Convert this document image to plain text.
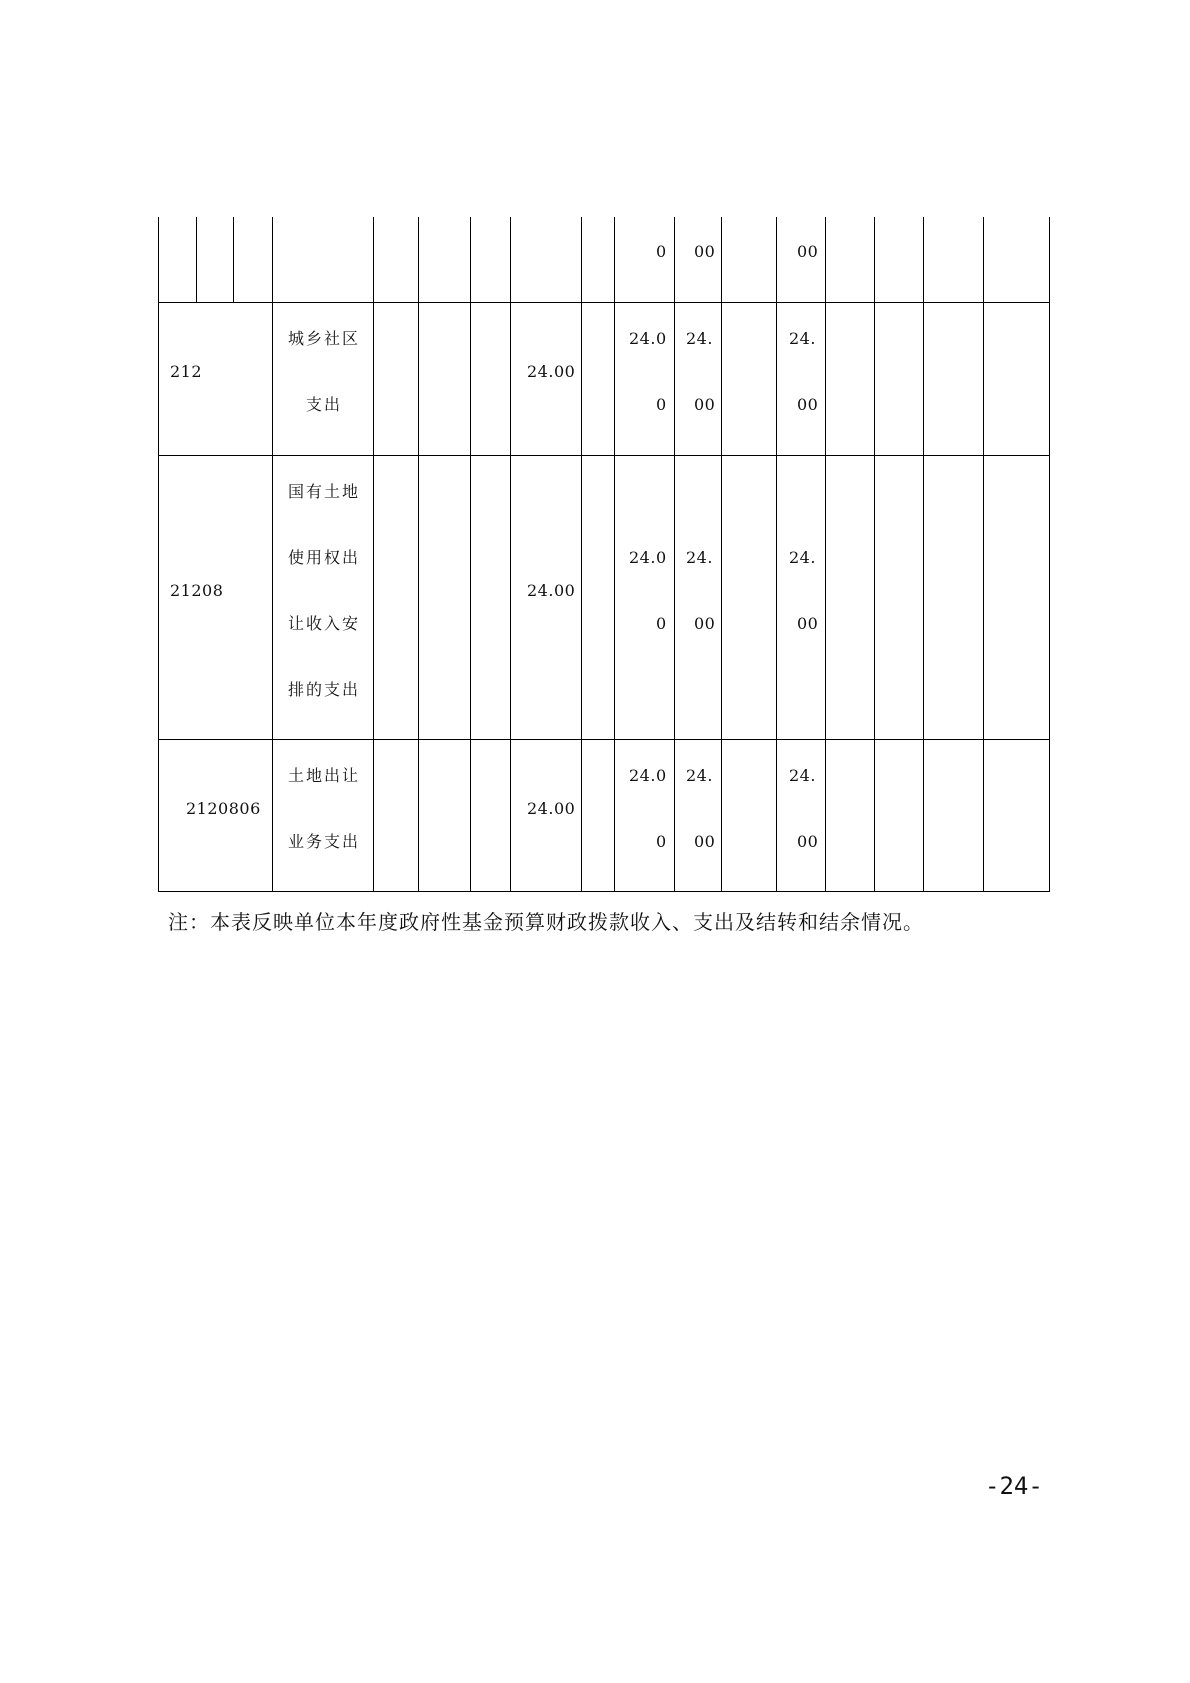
0 00	00
212
城乡社区
支出
24.00
24.0
0
24.
00
24.
00
21208
国有土地
使用权出
让收入安
排的支出
24.00
24.0
0
24.
00
24.
00
2120806
土地出让
业务支出
24.00
24.0
0
24.
00
24.
00
注：本表反映单位本年度政府性基金预算财政拨款收入、支出及结转和结余情况。
-24-
